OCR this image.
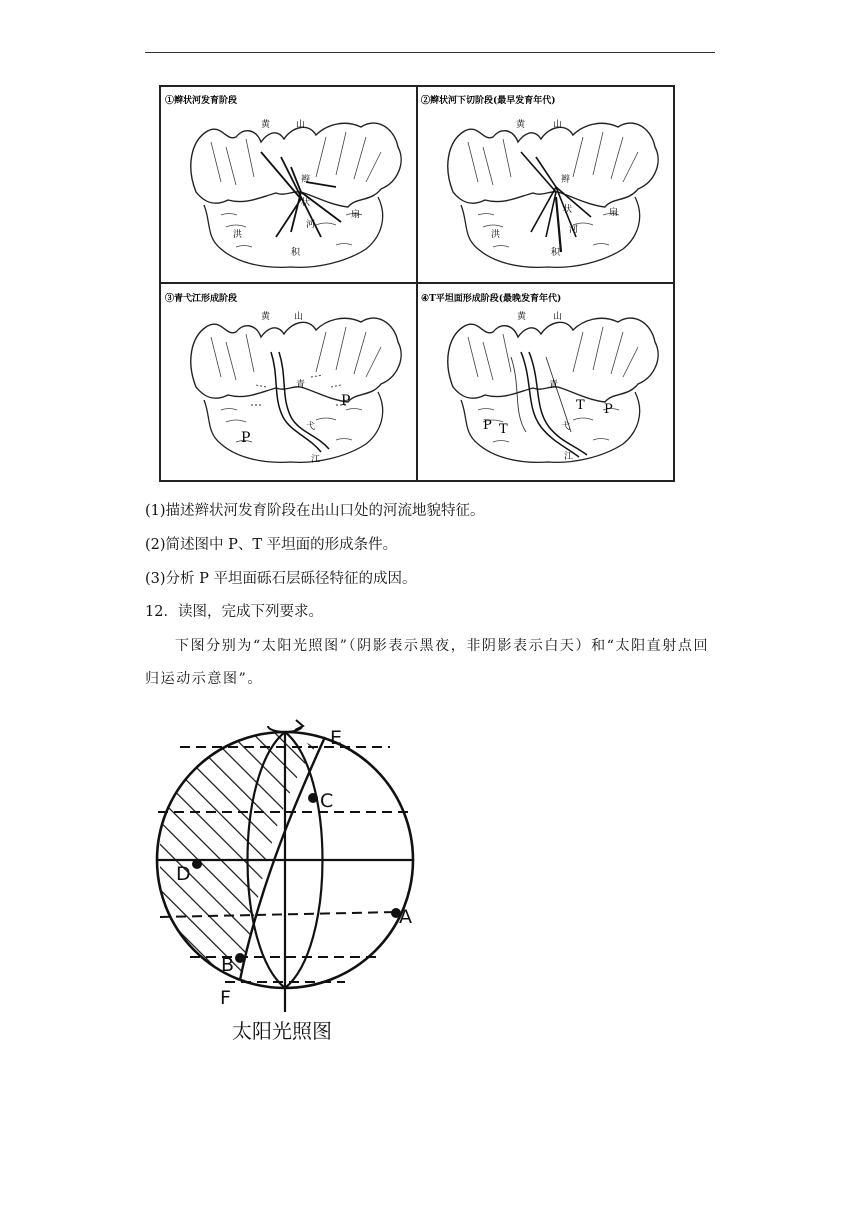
①辫状河发育阶段
黄	山
辫
状
河
洪
积
扇
②辫状河下切阶段(最早发育年代)
黄	山
辫
状
河
洪
积
扇
③青弋江形成阶段
黄	山
青
弋
江
P
P
④T平坦面形成阶段(最晚发育年代)
黄	山
青
弋
江
P T
T P
(1)描述辫状河发育阶段在出山口处的河流地貌特征。
(2)简述图中 P、T 平坦面的形成条件。
(3)分析 P 平坦面砾石层砾径特征的成因。
12．读图，完成下列要求。
下图分别为“太阳光照图”（阴影表示黑夜，非阴影表示白天）和“太阳直射点回归运动示意图”。
E
C
D
A
B
F
太阳光照图
